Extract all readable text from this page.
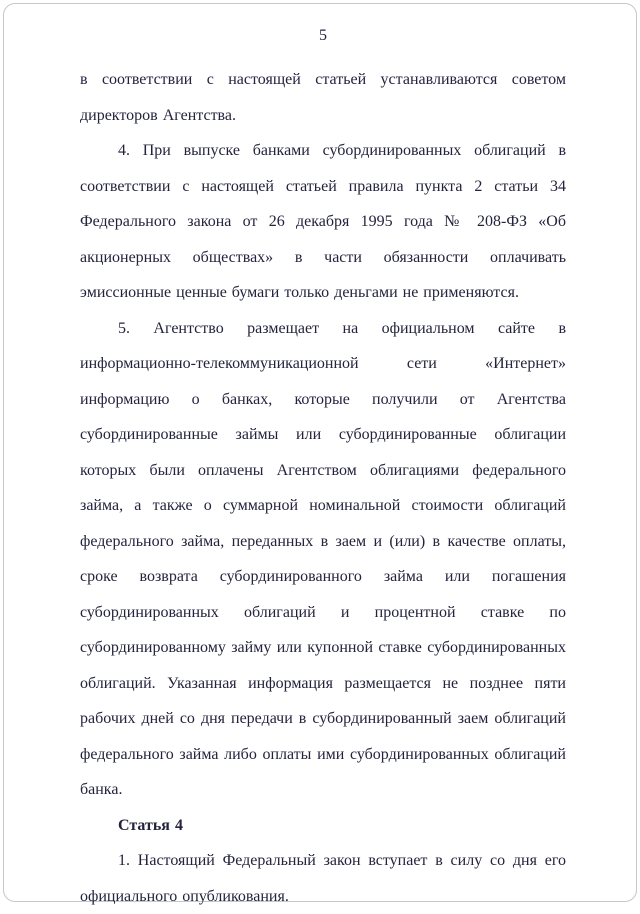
5

в соответствии с настоящей статьей устанавливаются советом директоров Агентства.

4. При выпуске банками субординированных облигаций в соответствии с настоящей статьей правила пункта 2 статьи 34 Федерального закона от 26 декабря 1995 года № 208-ФЗ «Об акционерных обществах» в части обязанности оплачивать эмиссионные ценные бумаги только деньгами не применяются.

5. Агентство размещает на официальном сайте в информационно-телекоммуникационной сети «Интернет» информацию о банках, которые получили от Агентства субординированные займы или субординированные облигации которых были оплачены Агентством облигациями федерального займа, а также о суммарной номинальной стоимости облигаций федерального займа, переданных в заем и (или) в качестве оплаты, сроке возврата субординированного займа или погашения субординированных облигаций и процентной ставке по субординированному займу или купонной ставке субординированных облигаций. Указанная информация размещается не позднее пяти рабочих дней со дня передачи в субординированный заем облигаций федерального займа либо оплаты ими субординированных облигаций банка.

Статья 4

1. Настоящий Федеральный закон вступает в силу со дня его официального опубликования.
